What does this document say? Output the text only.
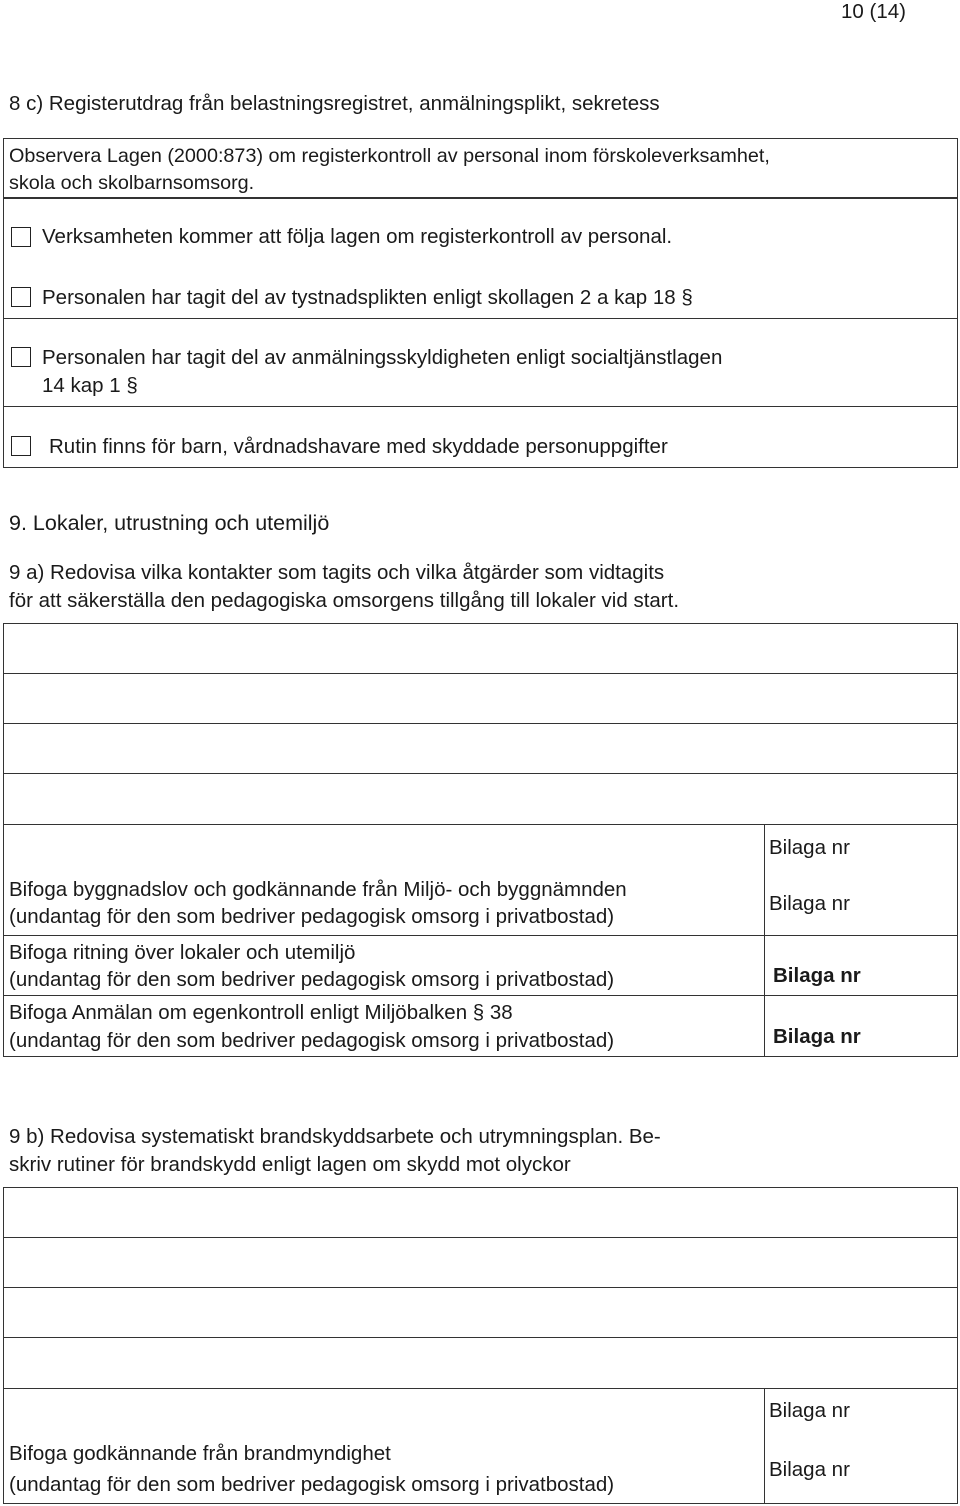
10 (14)
8 c) Registerutdrag från belastningsregistret, anmälningsplikt, sekretess
Observera Lagen (2000:873) om registerkontroll av personal inom förskoleverksamhet,
skola och skolbarnsomsorg.
Verksamheten kommer att följa lagen om registerkontroll av personal.
Personalen har tagit del av tystnadsplikten enligt skollagen 2 a kap 18 §
Personalen har tagit del av anmälningsskyldigheten enligt socialtjänstlagen
14 kap 1 §
Rutin finns för barn, vårdnadshavare med skyddade personuppgifter
9. Lokaler, utrustning och utemiljö
9 a) Redovisa vilka kontakter som tagits och vilka åtgärder som vidtagits
för att säkerställa den pedagogiska omsorgens tillgång till lokaler vid start.
Bilaga nr
Bifoga byggnadslov och godkännande från Miljö- och byggnämnden
(undantag för den som bedriver pedagogisk omsorg i privatbostad)
Bilaga nr
Bifoga ritning över lokaler och utemiljö
(undantag för den som bedriver pedagogisk omsorg i privatbostad)	Bilaga nr
Bifoga Anmälan om egenkontroll enligt Miljöbalken § 38
(undantag för den som bedriver pedagogisk omsorg i privatbostad)	Bilaga nr
9 b) Redovisa systematiskt brandskyddsarbete och utrymningsplan. Be-
skriv rutiner för brandskydd enligt lagen om skydd mot olyckor
Bilaga nr
Bifoga godkännande från brandmyndighet
(undantag för den som bedriver pedagogisk omsorg i privatbostad)
Bilaga nr
